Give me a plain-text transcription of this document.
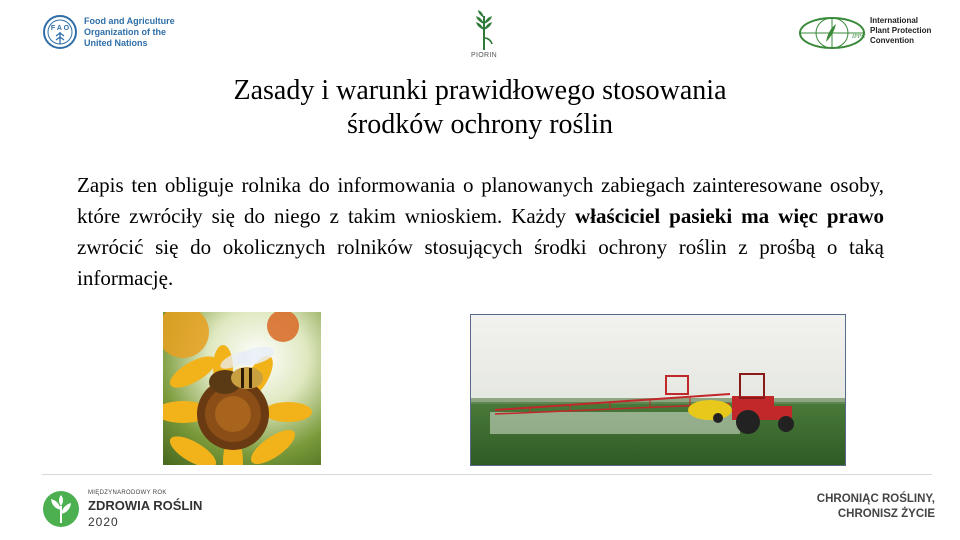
F A O
Food and Agriculture
Organization of the
United Nations
PIORIN
IPPC
International
Plant Protection
Convention
Zasady i warunki prawidłowego stosowania
środków ochrony roślin
Zapis ten obliguje rolnika do informowania o planowanych zabiegach zainteresowane osoby, które zwróciły się do niego z takim wnioskiem. Każdy właściciel pasieki ma więc prawo zwrócić się do okolicznych rolników stosujących środki ochrony roślin z prośbą o taką informację.
MIĘDZYNARODOWY ROK
ZDROWIA ROŚLIN
2020
CHRONIĄC ROŚLINY,
CHRONISZ ŻYCIE
